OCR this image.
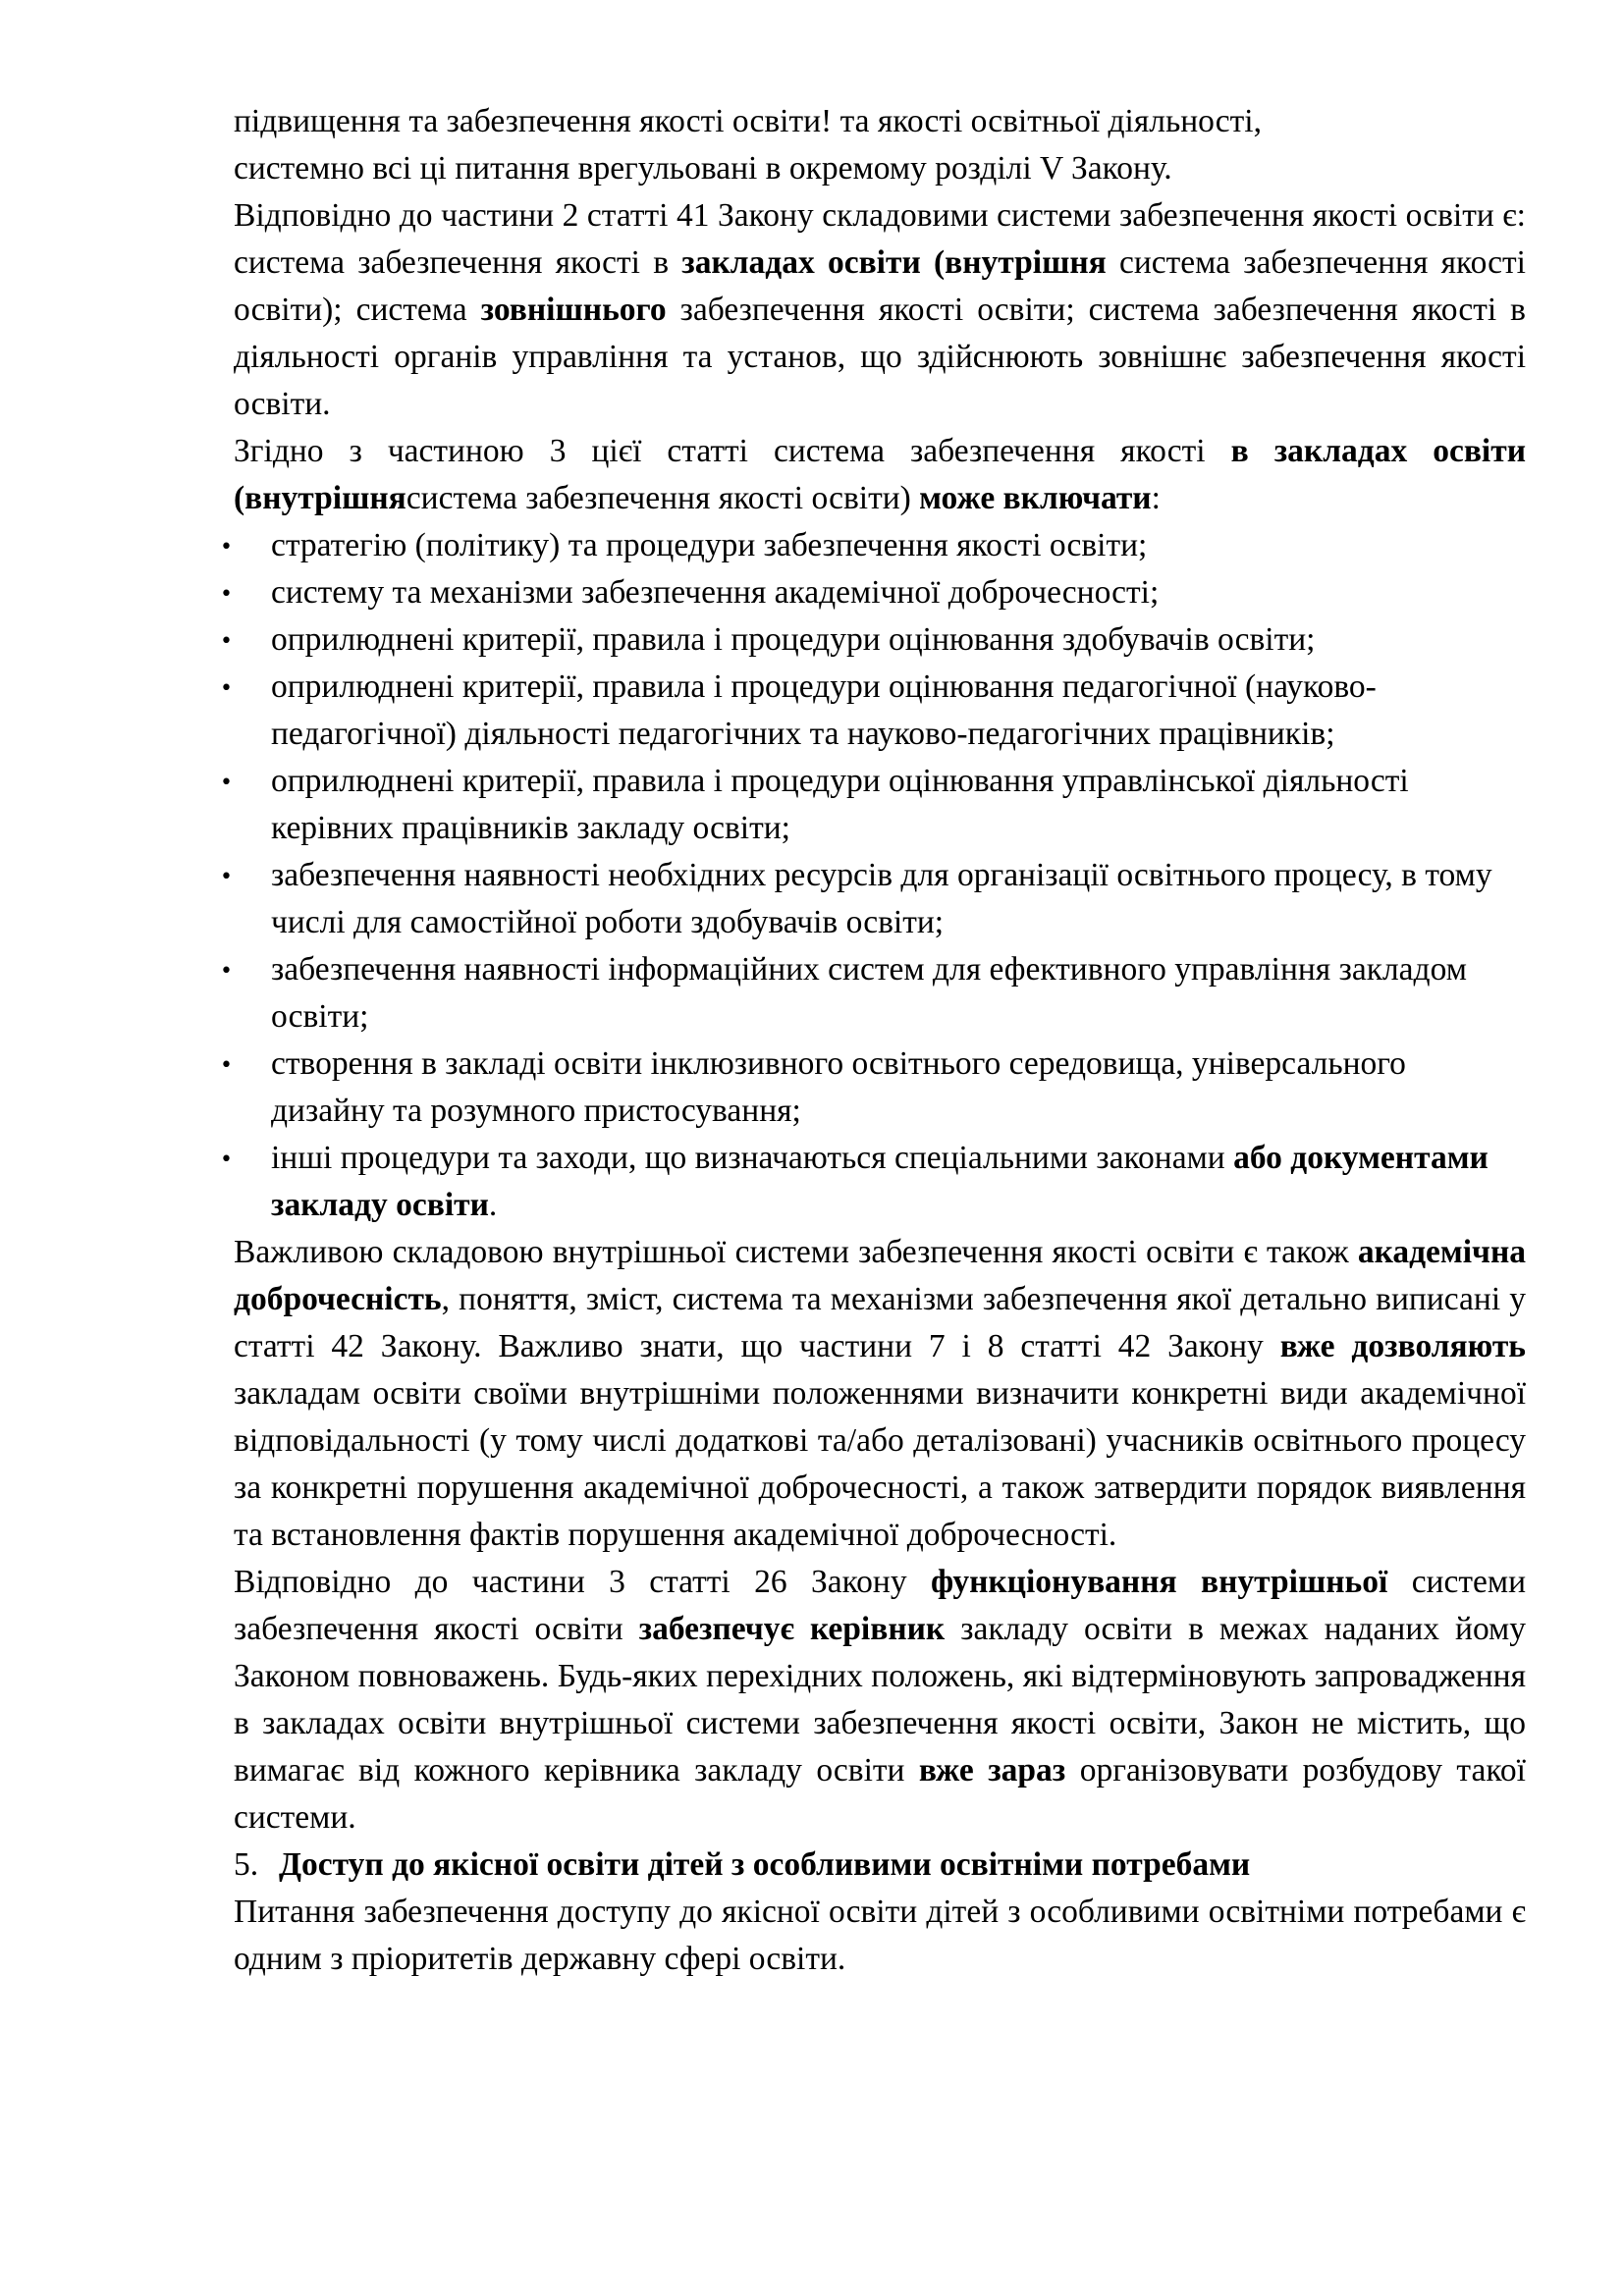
підвищення та забезпечення якості освіти! та якості освітньої діяльності,

системно всі ці питання врегульовані в окремому розділі V Закону.

Відповідно до частини 2 статті 41 Закону складовими системи забезпечення якості освіти є: система забезпечення якості в закладах освіти (внутрішня система забезпечення якості освіти); система зовнішнього забезпечення якості освіти; система забезпечення якості в діяльності органів управління та установ, що здійснюють зовнішнє забезпечення якості освіти.

Згідно з частиною 3 цієї статті система забезпечення якості в закладах освіти (внутрішнясистема забезпечення якості освіти) може включати:

• стратегію (політику) та процедури забезпечення якості освіти;
• систему та механізми забезпечення академічної доброчесності;
• оприлюднені критерії, правила і процедури оцінювання здобувачів освіти;
• оприлюднені критерії, правила і процедури оцінювання педагогічної (науково-педагогічної) діяльності педагогічних та науково-педагогічних працівників;
• оприлюднені критерії, правила і процедури оцінювання управлінської діяльності керівних працівників закладу освіти;
• забезпечення наявності необхідних ресурсів для організації освітнього процесу, в тому числі для самостійної роботи здобувачів освіти;
• забезпечення наявності інформаційних систем для ефективного управління закладом освіти;
• створення в закладі освіти інклюзивного освітнього середовища, універсального дизайну та розумного пристосування;
• інші процедури та заходи, що визначаються спеціальними законами або документами закладу освіти.

Важливою складовою внутрішньої системи забезпечення якості освіти є також академічна доброчесність, поняття, зміст, система та механізми забезпечення якої детально виписані у статті 42 Закону. Важливо знати, що частини 7 і 8 статті 42 Закону вже дозволяють закладам освіти своїми внутрішніми положеннями визначити конкретні види академічної відповідальності (у тому числі додаткові та/або деталізовані) учасників освітнього процесу за конкретні порушення академічної доброчесності, а також затвердити порядок виявлення та встановлення фактів порушення академічної доброчесності.

Відповідно до частини 3 статті 26 Закону функціонування внутрішньої системи забезпечення якості освіти забезпечує керівник закладу освіти в межах наданих йому Законом повноважень. Будь-яких перехідних положень, які відтерміновують запровадження в закладах освіти внутрішньої системи забезпечення якості освіти, Закон не містить, що вимагає від кожного керівника закладу освіти вже зараз організовувати розбудову такої системи.

5. Доступ до якісної освіти дітей з особливими освітніми потребами

Питання забезпечення доступу до якісної освіти дітей з особливими освітніми потребами є одним з пріоритетів державну сфері освіти.
